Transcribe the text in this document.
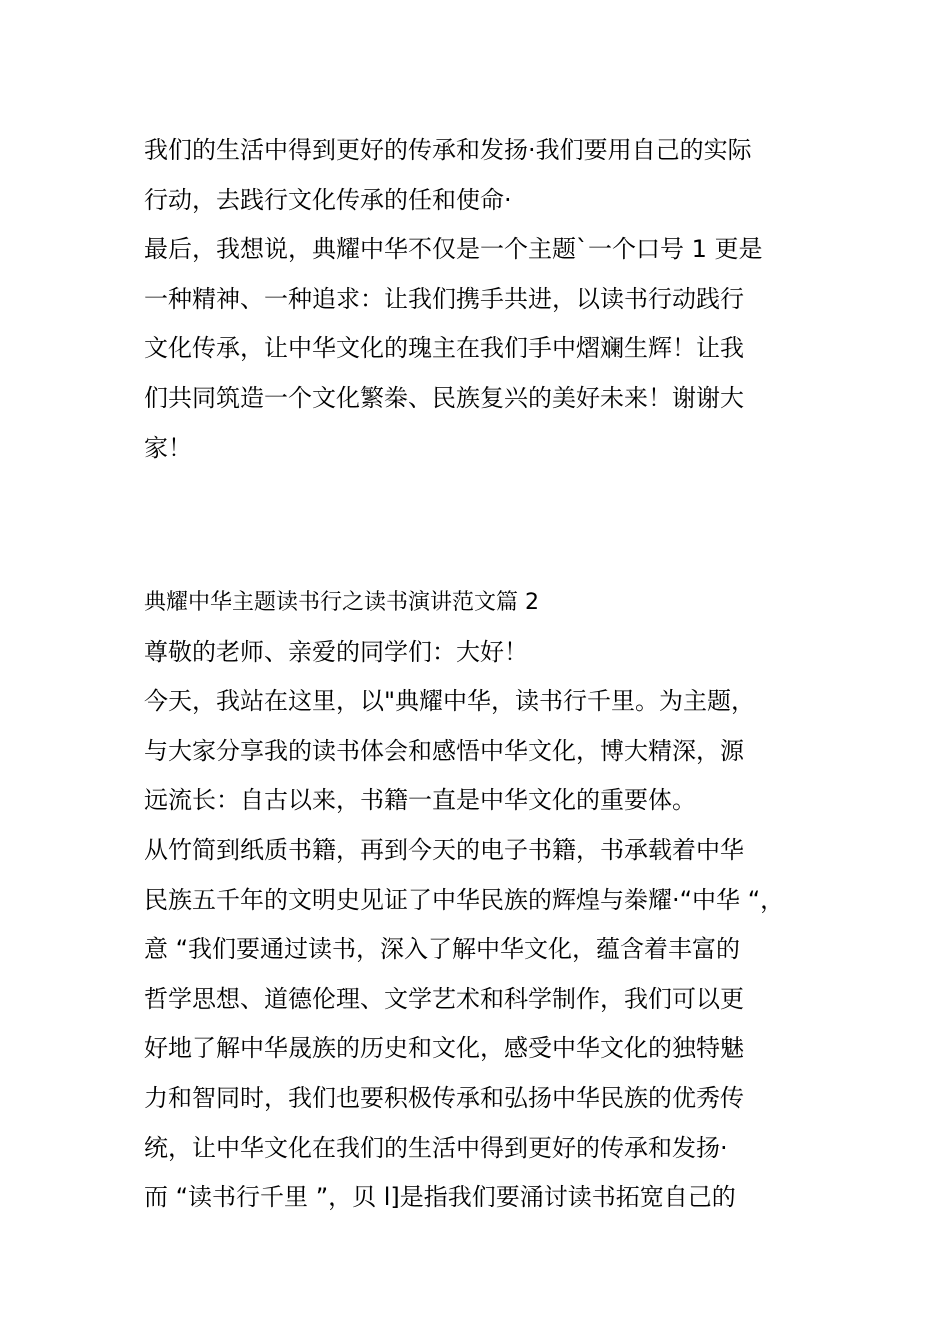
我们的生活中得到更好的传承和发扬·我们要用自己的实际
行动，去践行文化传承的任和使命·
最后，我想说，典耀中华不仅是一个主题`一个口号 1 更是
一种精神、一种追求：让我们携手共进，以读书行动践行
文化传承，让中华文化的瑰主在我们手中熠斓生辉！让我
们共同筑造一个文化繁桊、民族复兴的美好未来！谢谢大
家！
典耀中华主题读书行之读书演讲范文篇 2
尊敬的老师、亲爱的同学们：大好！
今天，我站在这里，以"典耀中华，读书行千里。为主题，
与大家分享我的读书体会和感悟中华文化，博大精深，源
远流长：自古以来，书籍一直是中华文化的重要体。
从竹简到纸质书籍，再到今天的电子书籍，书承载着中华
民族五千年的文明史见证了中华民族的辉煌与桊耀·“中华 “，
意 “我们要通过读书，深入了解中华文化，蕴含着丰富的
哲学思想、道德伦理、文学艺术和科学制作，我们可以更
好地了解中华晟族的历史和文化，感受中华文化的独特魅
力和智同时，我们也要积极传承和弘扬中华民族的优秀传
统，让中华文化在我们的生活中得到更好的传承和发扬·
而 “读书行千里 ”，贝 l]是指我们要涌讨读书拓宽自己的
